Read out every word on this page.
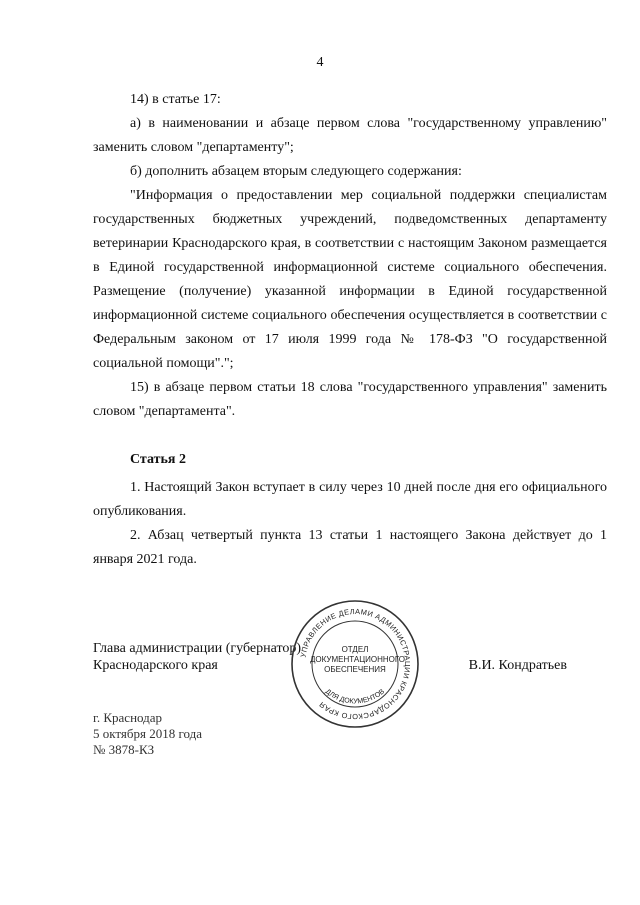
4

14) в статье 17:

а) в наименовании и абзаце первом слова "государственному управлению" заменить словом "департаменту";

б) дополнить абзацем вторым следующего содержания:

"Информация о предоставлении мер социальной поддержки специалистам государственных бюджетных учреждений, подведомственных департаменту ветеринарии Краснодарского края, в соответствии с настоящим Законом размещается в Единой государственной информационной системе социального обеспечения. Размещение (получение) указанной информации в Единой государственной информационной системе социального обеспечения осуществляется в соответствии с Федеральным законом от 17 июля 1999 года № 178-ФЗ "О государственной социальной помощи".";

15) в абзаце первом статьи 18 слова "государственного управления" заменить словом "департамента".

Статья 2

1. Настоящий Закон вступает в силу через 10 дней после дня его официального опубликования.

2. Абзац четвертый пункта 13 статьи 1 настоящего Закона действует до 1 января 2021 года.

Глава администрации (губернатор)
Краснодарского края	В.И. Кондратьев
УПРАВЛЕНИЕ ДЕЛАМИ АДМИНИСТРАЦИИ КРАСНОДАРСКОГО КРАЯ
ДЛЯ ДОКУМЕНТОВ
ОТДЕЛ
ДОКУМЕНТАЦИОННОГО
ОБЕСПЕЧЕНИЯ
г. Краснодар
5 октября 2018 года
№ 3878-КЗ
